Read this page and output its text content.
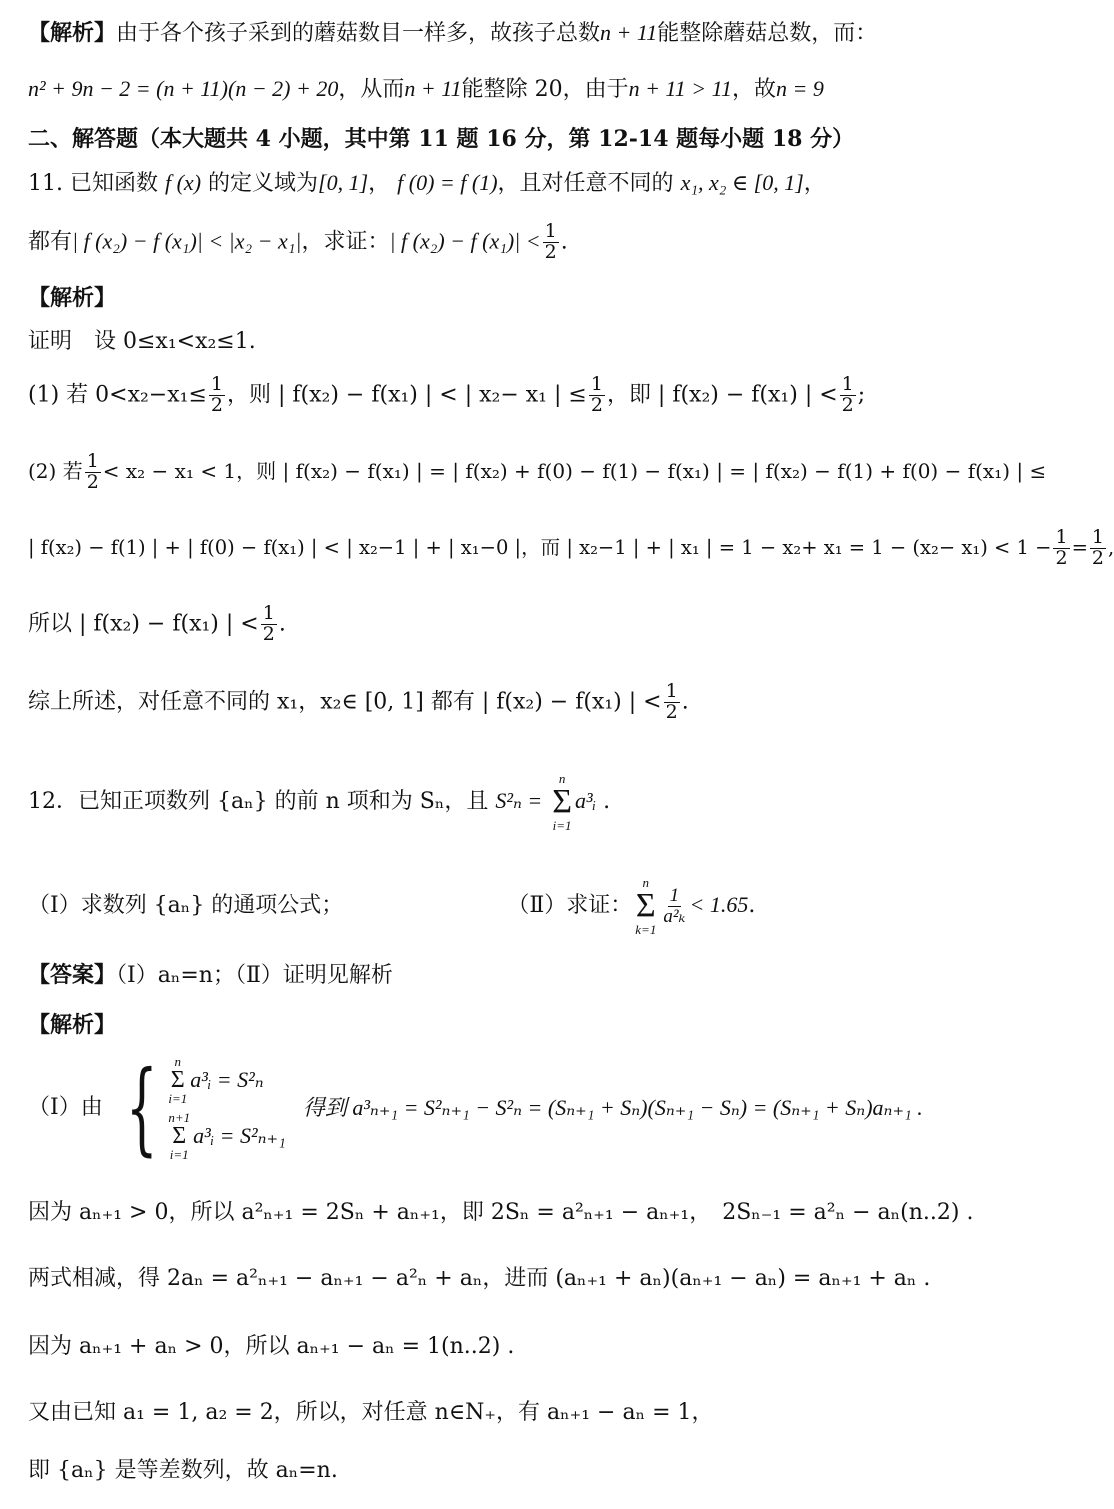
【解析】由于各个孩子采到的蘑菇数目一样多，故孩子总数n + 11能整除蘑菇总数，而：
n² + 9n − 2 = (n + 11)(n − 2) + 20，从而n + 11能整除 20，由于n + 11 > 11，故n = 9
二、解答题（本大题共 4 小题，其中第 11 题 16 分，第 12-14 题每小题 18 分）
11. 已知函数 f (x) 的定义域为[0, 1]， f (0) = f (1)，且对任意不同的 x₁, x₂ ∈ [0, 1]，
都有| f (x₂) − f (x₁)| < |x₂ − x₁|，求证：| f (x₂) − f $(x_1)| < \frac{1}{2}$ .
【解析】
证明　设 0≤x₁<x₂≤1.
(1) 若 $0<x_2-x_1\le \frac{1}{2}$ ，则 | f(x₂) − f(x₁) | < | x₂− x₁ | ≤ $\frac{1}{2}$ ，即 | f(x₂) − f(x₁) | < $\frac{1}{2}$ ;
(2) 若 $\frac{1}{2} < x_2 - x_1 < 1$，则 | f(x₂) − f(x₁) | = | f(x₂) + f(0) − f(1) − f(x₁) | = | f(x₂) − f(1) + f(0) − f(x₁) | ≤
| f(x₂) − f(1) | + | f(0) − f(x₁) | < | x₂−1 | + | x₁−0 |，而 | x₂−1 | + | x₁ | = $1 - x_2+ x_1 = 1 - (x_2- x_1) < 1 - \frac{1}{2} = \frac{1}{2}$ ,
所以 | f(x₂) − f(x₁) | < $\frac{1}{2}$ .
综上所述，对任意不同的 x₁，x₂∈ [0, 1] 都有 | f(x₂) − f(x₁) | < $\frac{1}{2}$ .
12．已知正项数列 {aₙ} 的前 n 项和为 Sₙ，且 S²ₙ =
n
Σ
i=1
a³ᵢ .
（Ⅰ）求数列 {aₙ} 的通项公式；	（Ⅱ）求证：
n
Σ
k=1
$\frac{1}{\text{a²ₖ}} < 1.65$.
【答案】（Ⅰ）aₙ=n；（Ⅱ）证明见解析
【解析】
（Ⅰ）由 { n
Σ
i=1
a³ᵢ = S²ₙ
n+1
Σ
i=1
a³ᵢ = S²ₙ₊₁
得到 a³ₙ₊₁ = S²ₙ₊₁ − S²ₙ = (Sₙ₊₁ + Sₙ)(Sₙ₊₁ − Sₙ) = (Sₙ₊₁ + Sₙ)aₙ₊₁ .
因为 aₙ₊₁ > 0，所以 a²ₙ₊₁ = 2Sₙ + aₙ₊₁，即 2Sₙ = a²ₙ₊₁ − aₙ₊₁，　2Sₙ₋₁ = a²ₙ − aₙ(n..2) .
两式相减，得 2aₙ = a²ₙ₊₁ − aₙ₊₁ − a²ₙ + aₙ，进而 (aₙ₊₁ + aₙ)(aₙ₊₁ − aₙ) = aₙ₊₁ + aₙ .
因为 aₙ₊₁ + aₙ > 0，所以 aₙ₊₁ − aₙ = 1(n..2) .
又由已知 a₁ = 1, a₂ = 2，所以，对任意 n∈N₊，有 aₙ₊₁ − aₙ = 1，
即 {aₙ} 是等差数列，故 aₙ=n.
